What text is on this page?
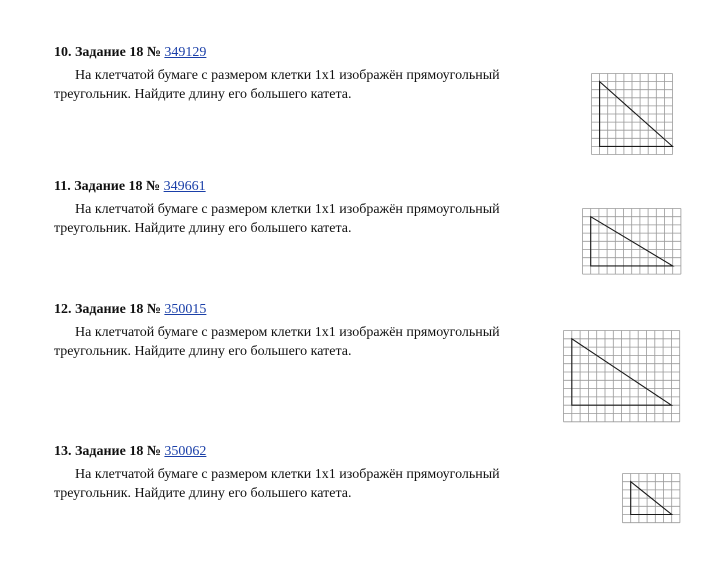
10. Задание 18 № 349129
На клетчатой бумаге с размером клетки 1x1 изображён прямоугольный
треугольник. Найдите длину его большего катета.
11. Задание 18 № 349661
На клетчатой бумаге с размером клетки 1x1 изображён прямоугольный
треугольник. Найдите длину его большего катета.
12. Задание 18 № 350015
На клетчатой бумаге с размером клетки 1x1 изображён прямоугольный
треугольник. Найдите длину его большего катета.
13. Задание 18 № 350062
На клетчатой бумаге с размером клетки 1x1 изображён прямоугольный
треугольник. Найдите длину его большего катета.
